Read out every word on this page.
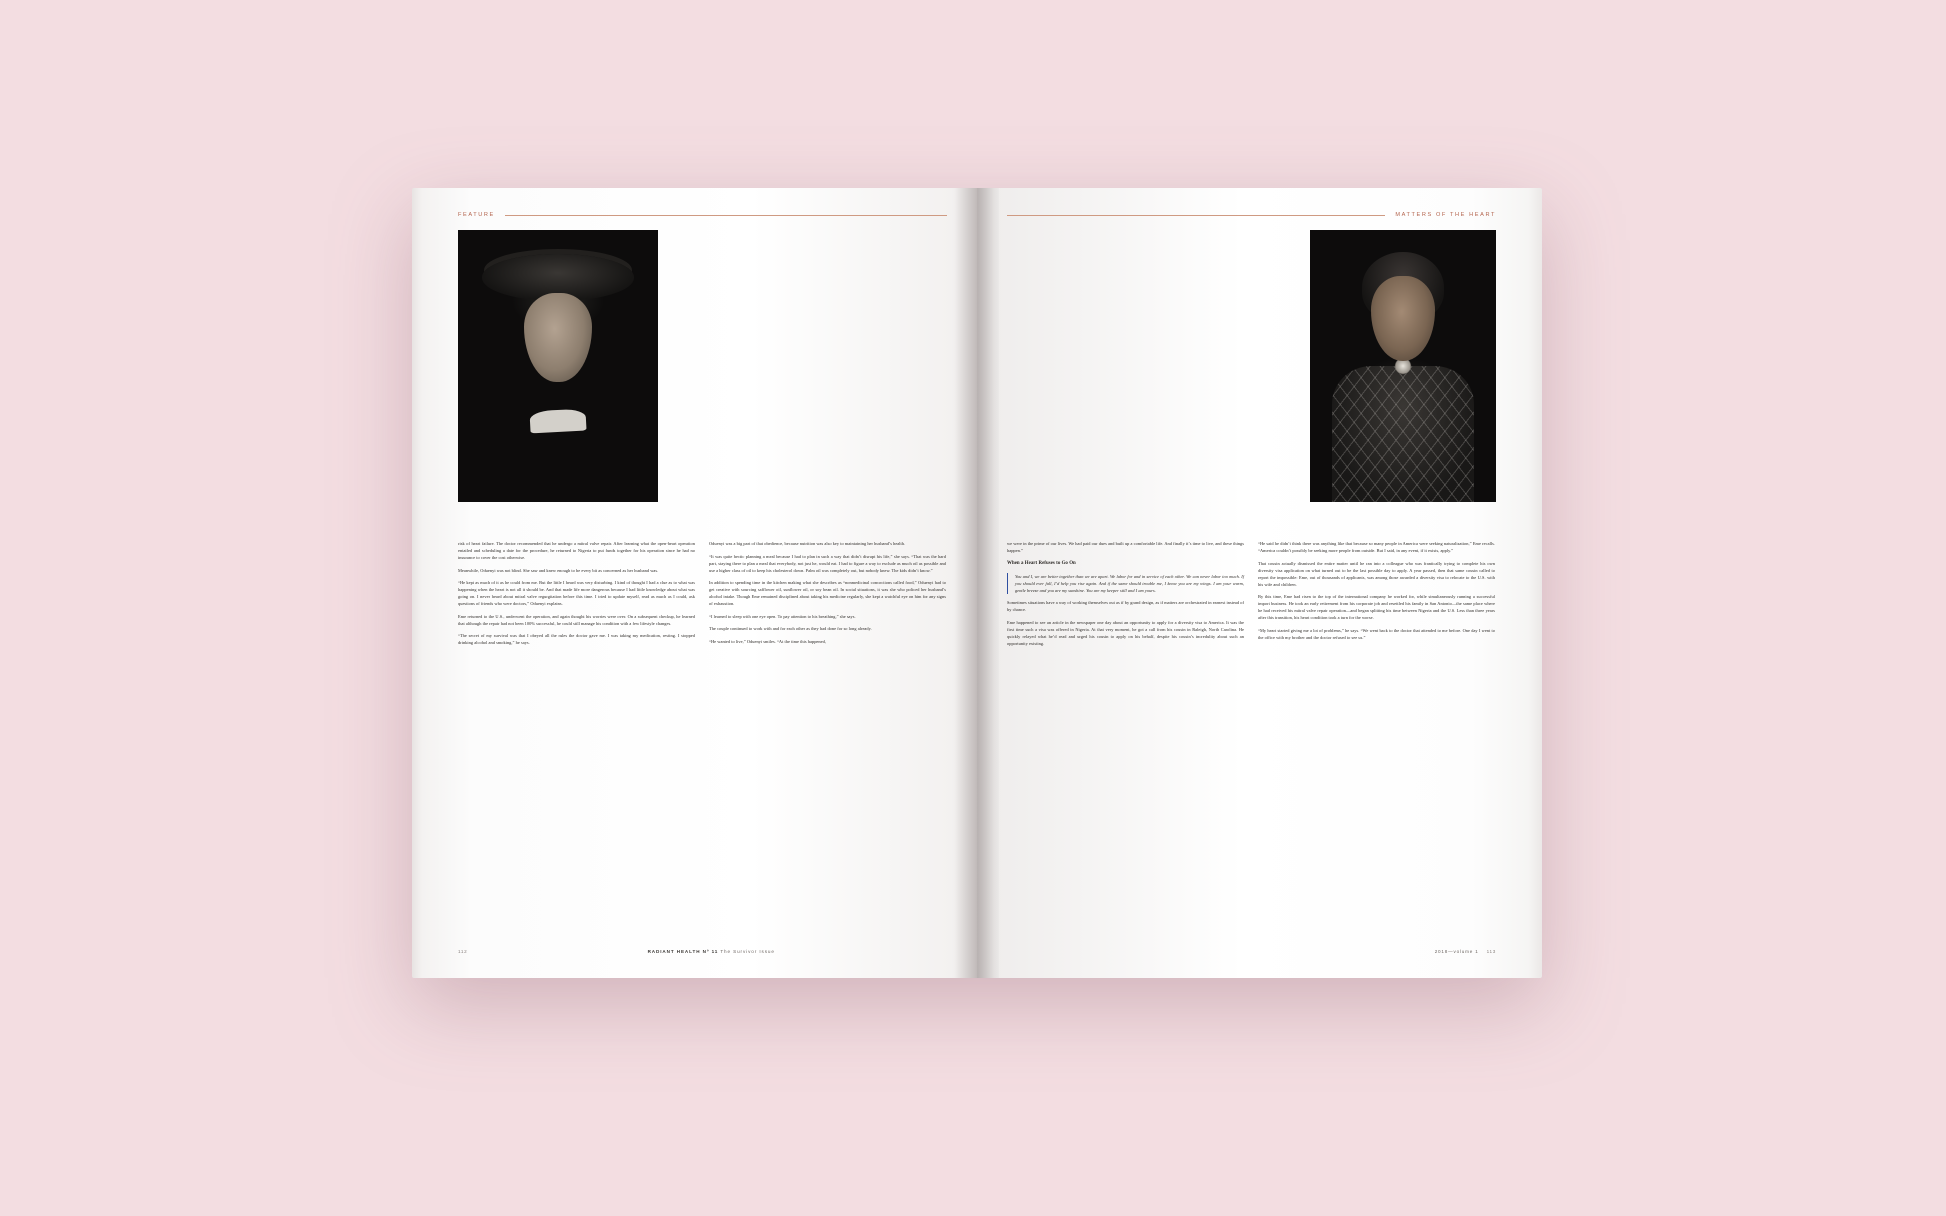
FEATURE

risk of heart failure. The doctor recommended that he undergo a mitral valve repair. After learning what the open-heart operation entailed and scheduling a date for the procedure, he returned to Nigeria to put funds together for his operation since he had no insurance to cover the cost otherwise.

Meanwhile, Oduenyi was not blind. She saw and knew enough to be every bit as concerned as her husband was.

“He kept as much of it as he could from me. But the little I heard was very disturbing. I kind of thought I had a clue as to what was happening when the heart is not all it should be. And that made life more dangerous because I had little knowledge about what was going on. I never heard about mitral valve regurgitation before this time. I tried to update myself, read as much as I could, ask questions of friends who were doctors,” Oduenyi explains.

Eme returned to the U.S., underwent the operation, and again thought his worries were over. On a subsequent checkup, he learned that although the repair had not been 100% successful, he could still manage his condition with a few lifestyle changes.

“The secret of my survival was that I obeyed all the rules the doctor gave me. I was taking my medication, resting. I stopped drinking alcohol and smoking,” he says.

Oduenyi was a big part of that obedience, because nutrition was also key to maintaining her husband’s health.

“It was quite hectic planning a meal because I had to plan in such a way that didn’t disrupt his life,” she says. “That was the hard part, staying there to plan a meal that everybody, not just he, would eat. I had to figure a way to exclude as much oil as possible and use a higher class of oil to keep his cholesterol down. Palm oil was completely out, but nobody knew. The kids didn’t know.”

In addition to spending time in the kitchen making what she describes as “nonmedicinal concoctions called food,” Oduenyi had to get creative with sourcing safflower oil, sunflower oil, or soy bean oil. In social situations, it was she who policed her husband’s alcohol intake. Though Eme remained disciplined about taking his medicine regularly, she kept a watchful eye on him for any signs of exhaustion.

“I learned to sleep with one eye open. To pay attention to his breathing,” she says.

The couple continued to work with and for each other as they had done for so long already.

“He wanted to live,” Oduenyi smiles. “At the time this happened,

112	RADIANT HEALTH Nº 11 The Survivor Issue
MATTERS OF THE HEART

we were in the prime of our lives. We had paid our dues and built up a comfortable life. And finally it’s time to live, and these things happen.”

When a Heart Refuses to Go On

You and I, we are better together than we are apart. We labor for and in service of each other. We can never labor too much. If you should ever fall, I’d help you rise again. And if the same should trouble me, I know you are my wings. I am your warm, gentle breeze and you are my sunshine. You are my keeper still and I am yours.

Sometimes situations have a way of working themselves out as if by grand design, as if matters are orchestrated in earnest instead of by chance.

Eme happened to see an article in the newspaper one day about an opportunity to apply for a diversity visa to America. It was the first time such a visa was offered in Nigeria. At that very moment, he got a call from his cousin in Raleigh, North Carolina. He quickly relayed what he’d read and urged his cousin to apply on his behalf, despite his cousin’s incredulity about such an opportunity existing.

“He said he didn’t think there was anything like that because so many people in America were seeking naturalization,” Eme recalls. “America couldn’t possibly be seeking more people from outside. But I said, in any event, if it exists, apply.”

That cousin actually dismissed the entire matter until he ran into a colleague who was frantically trying to complete his own diversity visa application on what turned out to be the last possible day to apply. A year passed, then that same cousin called to report the impossible: Eme, out of thousands of applicants, was among those awarded a diversity visa to relocate to the U.S. with his wife and children.

By this time, Eme had risen to the top of the international company he worked for, while simultaneously running a successful import business. He took an early retirement from his corporate job and resettled his family in San Antonio—the same place where he had received his mitral valve repair operation—and began splitting his time between Nigeria and the U.S. Less than three years after this transition, his heart condition took a turn for the worse.

“My heart started giving me a lot of problems,” he says. “We went back to the doctor that attended to me before. One day I went to the office with my brother and the doctor refused to see us.”

2018—volume 1 113
